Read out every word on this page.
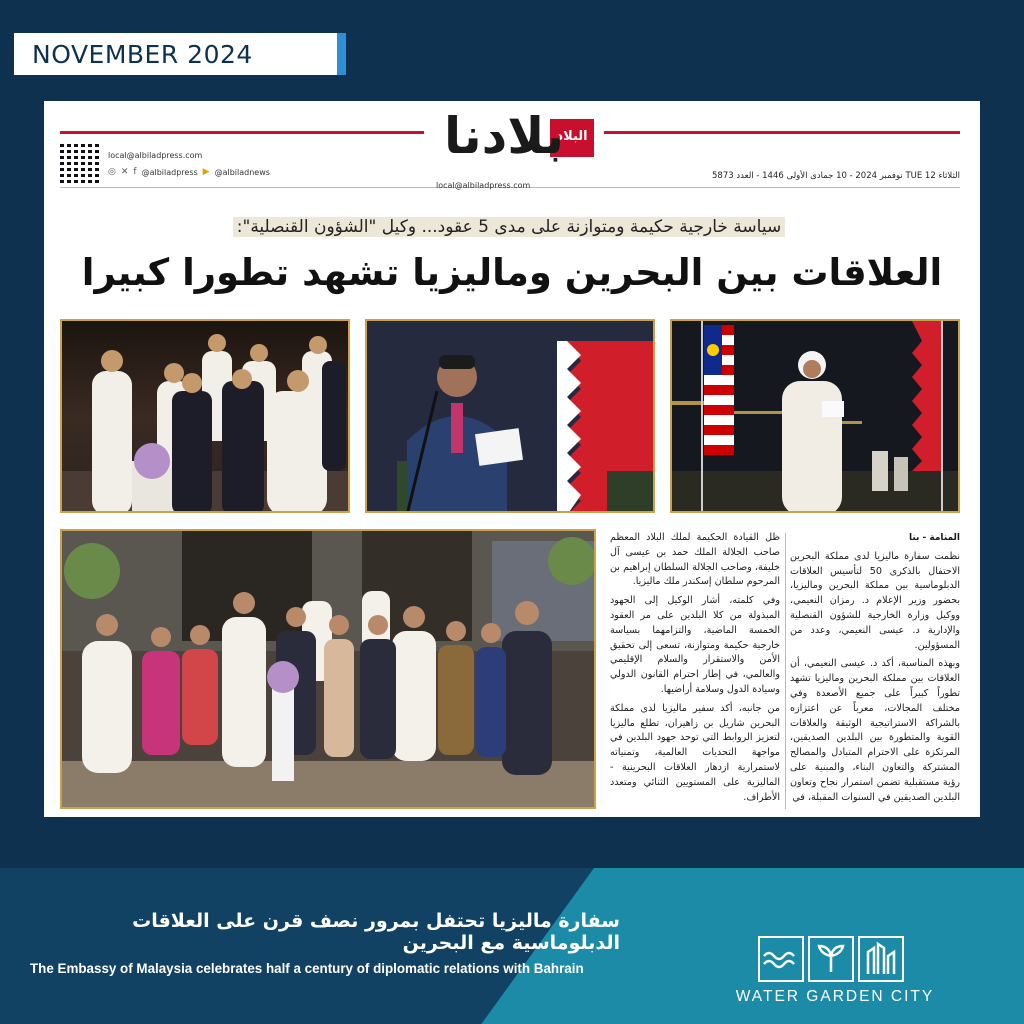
NOVEMBER 2024
local@albiladpress.com
◎ ✕ f @albiladpress ▶ @albiladnews
البلاد
بلادنا
local@albiladpress.com
الثلاثاء TUE 12 نوفمبر 2024 - 10 جمادى الأولى 1446 - العدد 5873
سياسة خارجية حكيمة ومتوازنة على مدى 5 عقود... وكيل "الشؤون القنصلية":
العلاقات بين البحرين وماليزيا تشهد تطورا كبيرا

المنامة - بنا

نظمت سفارة ماليزيا لدى مملكة البحرين الاحتفال بالذكرى 50 لتأسيس العلاقات الدبلوماسية بين مملكة البحرين وماليزيا، بحضور وزير الإعلام د. رمزان النعيمي، ووكيل وزارة الخارجية للشؤون القنصلية والإدارية د. عيسى النعيمي، وعدد من المسؤولين.

وبهذه المناسبة، أكد د. عيسى النعيمي، أن العلاقات بين مملكة البحرين وماليزيا تشهد تطوراً كبيراً على جميع الأصعدة وفي مختلف المجالات، معرباً عن اعتزازه بالشراكة الاستراتيجية الوثيقة والعلاقات القوية والمتطورة بين البلدين الصديقين، المرتكزة على الاحترام المتبادل والمصالح المشتركة والتعاون البناء، والمبنية على رؤية مستقبلية تضمن استمرار نجاح وتعاون البلدين الصديقين في السنوات المقبلة، في

ظل القيادة الحكيمة لملك البلاد المعظم صاحب الجلالة الملك حمد بن عيسى آل خليفة، وصاحب الجلالة السلطان إبراهيم بن المرحوم سلطان إسكندر ملك ماليزيا.

وفي كلمته، أشار الوكيل إلى الجهود المبذولة من كلا البلدين على مر العقود الخمسة الماضية، والتزامهما بسياسة خارجية حكيمة ومتوازنة، تسعى إلى تحقيق الأمن والاستقرار والسلام الإقليمي والعالمي، في إطار احترام القانون الدولي وسيادة الدول وسلامة أراضيها.

من جانبه، أكد سفير ماليزيا لدى مملكة البحرين شاريل بن زاهيران، تطلع ماليزيا لتعزيز الروابط التي توحد جهود البلدين في مواجهة التحديات العالمية، وتمنياته لاستمرارية ازدهار العلاقات البحرينية - الماليزية على المستويين الثنائي ومتعدد الأطراف.

سفارة ماليزيا تحتفل بمرور نصف قرن على العلاقات الدبلوماسية مع البحرين
The Embassy of Malaysia celebrates half a century of diplomatic relations with Bahrain
WATER GARDEN CITY
